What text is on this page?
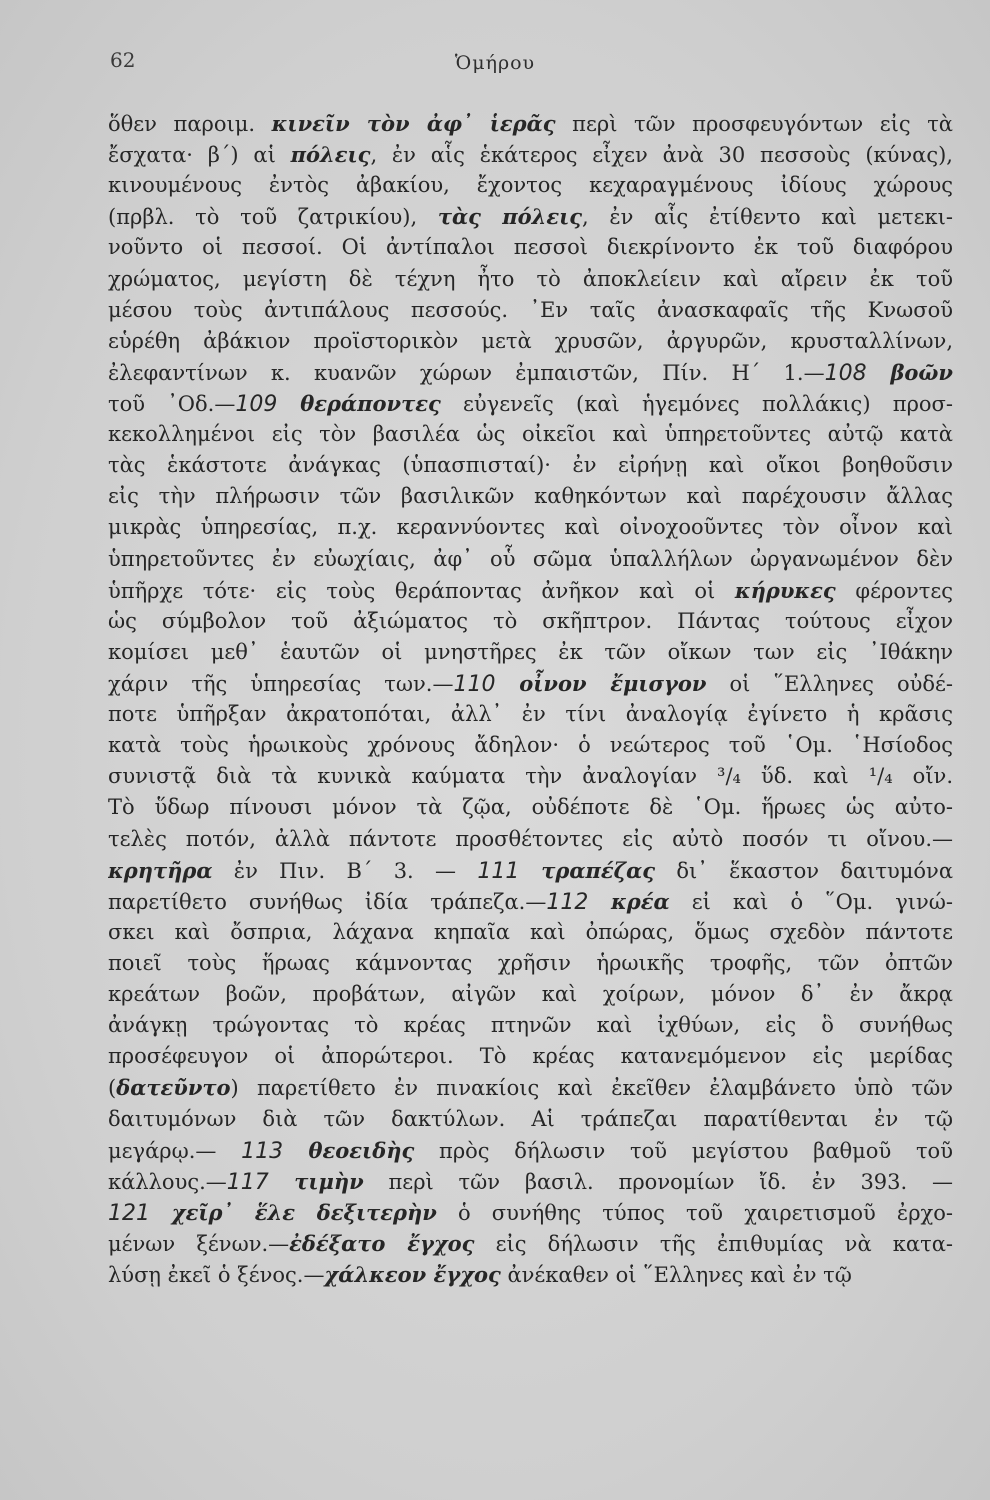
62	Ὁμήρου
ὅθεν παροιμ. κινεῖν τὸν ἀφ᾿ ἱερᾶς περὶ τῶν προσφευγόντων εἰς τὰ
ἔσχατα· β΄) αἱ πόλεις, ἐν αἷς ἑκάτερος εἶχεν ἀνὰ 30 πεσσοὺς (κύνας),
κινουμένους ἐντὸς ἀβακίου, ἔχοντος κεχαραγμένους ἰδίους χώρους
(πρβλ. τὸ τοῦ ζατρικίου), τὰς πόλεις, ἐν αἷς ἐτίθεντο καὶ μετεκι-
νοῦντο οἱ πεσσοί. Οἱ ἀντίπαλοι πεσσοὶ διεκρίνοντο ἐκ τοῦ διαφόρου
χρώματος, μεγίστη δὲ τέχνη ἦτο τὸ ἀποκλείειν καὶ αἴρειν ἐκ τοῦ
μέσου τοὺς ἀντιπάλους πεσσούς. ᾽Εν ταῖς ἀνασκαφαῖς τῆς Κνωσοῦ
εὑρέθη ἀβάκιον προϊστορικὸν μετὰ χρυσῶν, ἀργυρῶν, κρυσταλλίνων,
ἐλεφαντίνων κ. κυανῶν χώρων ἐμπαιστῶν, Πίν. Η΄ 1.—108 βοῶν
τοῦ ᾽Οδ.—109 θεράποντες εὐγενεῖς (καὶ ἡγεμόνες πολλάκις) προσ-
κεκολλημένοι εἰς τὸν βασιλέα ὡς οἰκεῖοι καὶ ὑπηρετοῦντες αὐτῷ κατὰ
τὰς ἑκάστοτε ἀνάγκας (ὑπασπισταί)· ἐν εἰρήνῃ καὶ οἴκοι βοηθοῦσιν
εἰς τὴν πλήρωσιν τῶν βασιλικῶν καθηκόντων καὶ παρέχουσιν ἄλλας
μικρὰς ὑπηρεσίας, π.χ. κεραννύοντες καὶ οἰνοχοοῦντες τὸν οἶνον καὶ
ὑπηρετοῦντες ἐν εὐωχίαις, ἀφ᾿ οὗ σῶμα ὑπαλλήλων ὠργανωμένον δὲν
ὑπῆρχε τότε· εἰς τοὺς θεράποντας ἀνῆκον καὶ οἱ κήρυκες φέροντες
ὡς σύμβολον τοῦ ἀξιώματος τὸ σκῆπτρον. Πάντας τούτους εἶχον
κομίσει μεθ᾿ ἑαυτῶν οἱ μνηστῆρες ἐκ τῶν οἴκων των εἰς ᾽Ιθάκην
χάριν τῆς ὑπηρεσίας των.—110 οἶνον ἔμισγον οἱ ῞Ελληνες οὐδέ-
ποτε ὑπῆρξαν ἀκρατοπόται, ἀλλ᾿ ἐν τίνι ἀναλογίᾳ ἐγίνετο ἡ κρᾶσις
κατὰ τοὺς ἡρωικοὺς χρόνους ἄδηλον· ὁ νεώτερος τοῦ ῾Ομ. ῾Ησίοδος
συνιστᾷ διὰ τὰ κυνικὰ καύματα τὴν ἀναλογίαν ³/₄ ὕδ. καὶ ¹/₄ οἴν.
Τὸ ὕδωρ πίνουσι μόνον τὰ ζῷα, οὐδέποτε δὲ ῾Ομ. ἥρωες ὡς αὐτο-
τελὲς ποτόν, ἀλλὰ πάντοτε προσθέτοντες εἰς αὐτὸ ποσόν τι οἴνου.—
κρητῆρα ἐν Πιν. Β΄ 3. — 111 τραπέζας δι᾿ ἕκαστον δαιτυμόνα
παρετίθετο συνήθως ἰδία τράπεζα.—112 κρέα εἰ καὶ ὁ ῞Ομ. γινώ-
σκει καὶ ὄσπρια, λάχανα κηπαῖα καὶ ὀπώρας, ὅμως σχεδὸν πάντοτε
ποιεῖ τοὺς ἥρωας κάμνοντας χρῆσιν ἡρωικῆς τροφῆς, τῶν ὀπτῶν
κρεάτων βοῶν, προβάτων, αἰγῶν καὶ χοίρων, μόνον δ᾿ ἐν ἄκρᾳ
ἀνάγκῃ τρώγοντας τὸ κρέας πτηνῶν καὶ ἰχθύων, εἰς ὃ συνήθως
προσέφευγον οἱ ἀπορώτεροι. Τὸ κρέας κατανεμόμενον εἰς μερίδας
(δατεῦντο) παρετίθετο ἐν πινακίοις καὶ ἐκεῖθεν ἐλαμβάνετο ὑπὸ τῶν
δαιτυμόνων διὰ τῶν δακτύλων. Αἱ τράπεζαι παρατίθενται ἐν τῷ
μεγάρῳ.— 113 θεοειδὴς πρὸς δήλωσιν τοῦ μεγίστου βαθμοῦ τοῦ
κάλλους.—117 τιμὴν περὶ τῶν βασιλ. προνομίων ἴδ. ἐν 393. —
121 χεῖρ᾿ ἕλε δεξιτερὴν ὁ συνήθης τύπος τοῦ χαιρετισμοῦ ἐρχο-
μένων ξένων.—ἐδέξατο ἔγχος εἰς δήλωσιν τῆς ἐπιθυμίας νὰ κατα-
λύσῃ ἐκεῖ ὁ ξένος.—χάλκεον ἔγχος ἀνέκαθεν οἱ ῞Ελληνες καὶ ἐν τῷ
